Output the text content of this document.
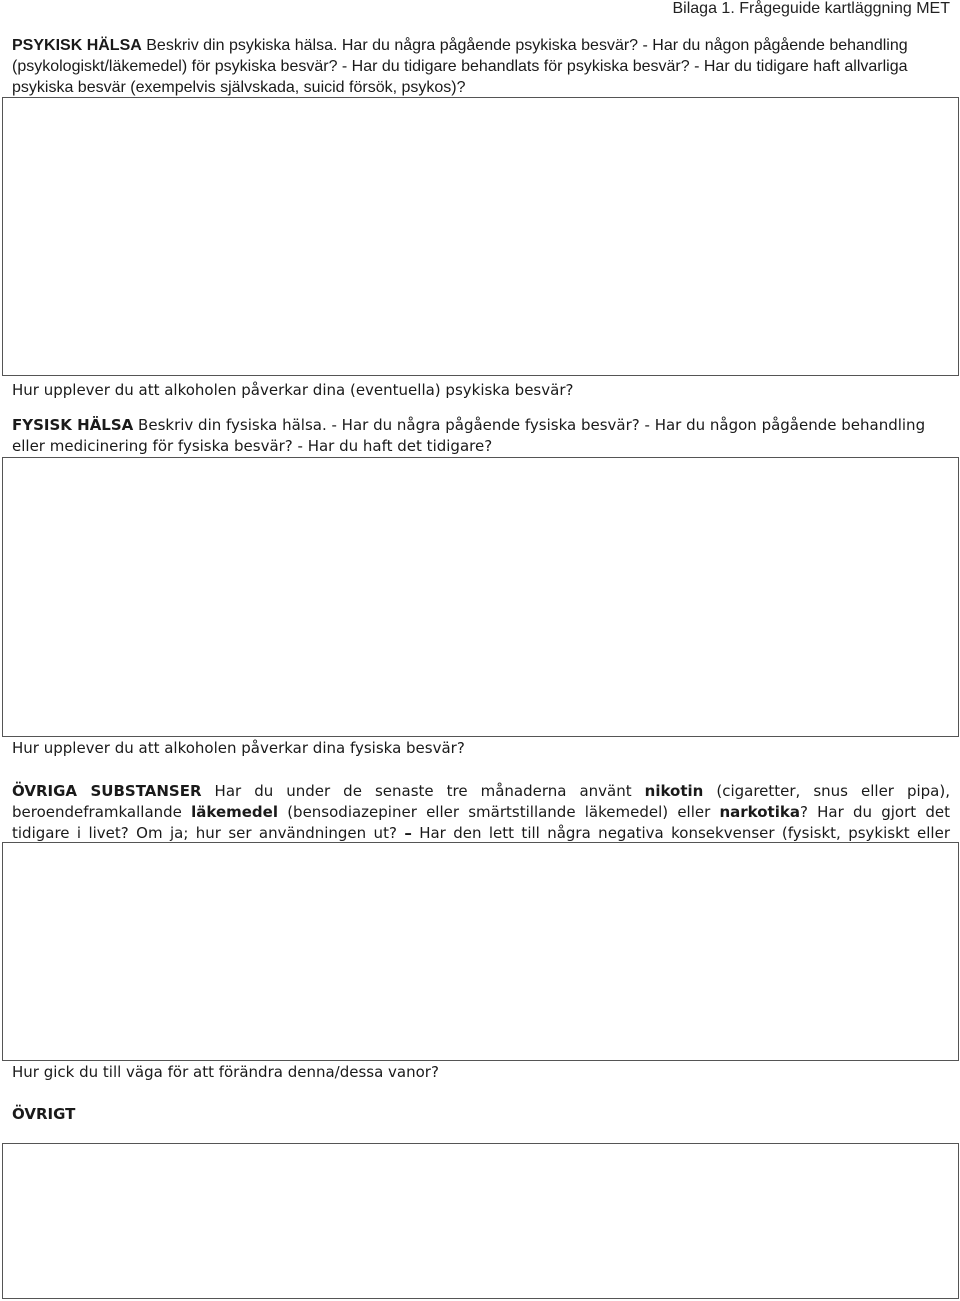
Bilaga 1. Frågeguide kartläggning MET
PSYKISK HÄLSA Beskriv din psykiska hälsa. Har du några pågående psykiska besvär? - Har du någon pågående behandling (psykologiskt/läkemedel) för psykiska besvär? - Har du tidigare behandlats för psykiska besvär? - Har du tidigare haft allvarliga psykiska besvär (exempelvis självskada, suicid försök, psykos)?
Hur upplever du att alkoholen påverkar dina (eventuella) psykiska besvär?
FYSISK HÄLSA Beskriv din fysiska hälsa. - Har du några pågående fysiska besvär? - Har du någon pågående behandling eller medicinering för fysiska besvär? - Har du haft det tidigare?
Hur upplever du att alkoholen påverkar dina fysiska besvär?
ÖVRIGA SUBSTANSER Har du under de senaste tre månaderna använt nikotin (cigaretter, snus eller pipa), beroendeframkallande läkemedel (bensodiazepiner eller smärtstillande läkemedel) eller narkotika? Har du gjort det tidigare i livet? Om ja; hur ser användningen ut? – Har den lett till några negativa konsekvenser (fysiskt, psykiskt eller
Hur gick du till väga för att förändra denna/dessa vanor?
ÖVRIGT
